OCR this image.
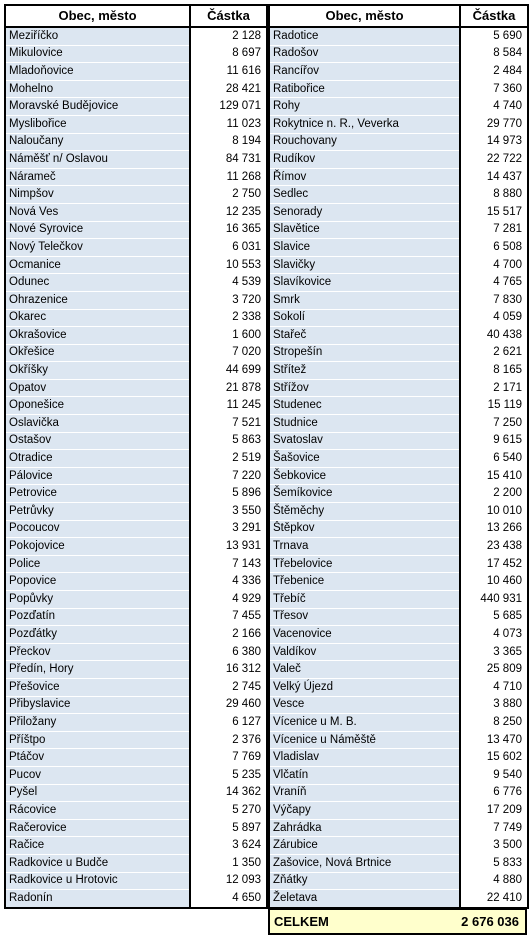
Obec, město	Částka
Meziříčko	2 128
Mikulovice	8 697
Mladoňovice	11 616
Mohelno	28 421
Moravské Budějovice	129 071
Myslibořice	11 023
Naloučany	8 194
Náměšť n/ Oslavou	84 731
Náramеč	11 268
Nimpšov	2 750
Nová Ves	12 235
Nové Syrovice	16 365
Nový Telečkov	6 031
Ocmanice	10 553
Odunec	4 539
Ohrazenice	3 720
Okarec	2 338
Okrašovice	1 600
Okřešice	7 020
Okříšky	44 699
Opatov	21 878
Oponešice	11 245
Oslavička	7 521
Ostašov	5 863
Otradice	2 519
Pálovice	7 220
Petrovice	5 896
Petrůvky	3 550
Pocoucov	3 291
Pokojovice	13 931
Police	7 143
Popovice	4 336
Popůvky	4 929
Pozďatín	7 455
Pozďátky	2 166
Přeckov	6 380
Předín, Hory	16 312
Přešovice	2 745
Přibyslavice	29 460
Přiložany	6 127
Příštpo	2 376
Ptáčov	7 769
Pucov	5 235
Pyšel	14 362
Rácovice	5 270
Račerovice	5 897
Račice	3 624
Radkovice u Budče	1 350
Radkovice u Hrotovic	12 093
Radonín	4 650
Obec, město	Částka
Radotice	5 690
Radošov	8 584
Rancířov	2 484
Ratibořice	7 360
Rohy	4 740
Rokytnice n. R., Veverka	29 770
Rouchovany	14 973
Rudíkov	22 722
Římov	14 437
Sedlec	8 880
Senorady	15 517
Slavětice	7 281
Slavice	6 508
Slavičky	4 700
Slavíkovice	4 765
Smrk	7 830
Sokolí	4 059
Stařeč	40 438
Stropešín	2 621
Střítež	8 165
Střížov	2 171
Studenec	15 119
Studnice	7 250
Svatoslav	9 615
Šašovice	6 540
Šebkovice	15 410
Šemíkovice	2 200
Štěměchy	10 010
Štěpkov	13 266
Trnava	23 438
Třebelovice	17 452
Třebenice	10 460
Třebíč	440 931
Třesov	5 685
Vacenovice	4 073
Valdíkov	3 365
Valeč	25 809
Velký Újezd	4 710
Vesce	3 880
Vícenice u M. B.	8 250
Vícenice u Náměště	13 470
Vladislav	15 602
Vlčatín	9 540
Vraníň	6 776
Výčapy	17 209
Zahrádka	7 749
Zárubice	3 500
Zašovice, Nová Brtnice	5 833
Zňátky	4 880
Želetava	22 410
CELKEM	2 676 036
